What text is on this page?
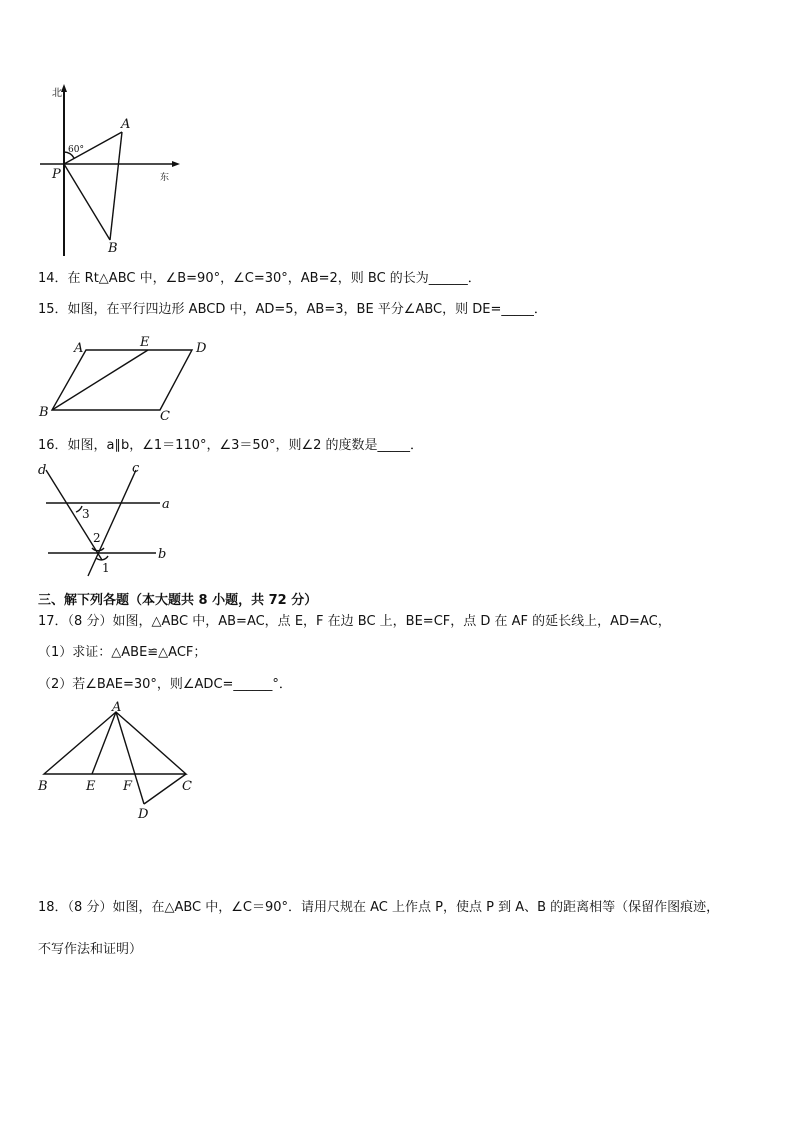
北
东
60°
P
A
B
14．在 Rt△ABC 中，∠B=90°，∠C=30°，AB=2，则 BC 的长为______．
15．如图，在平行四边形 ABCD 中，AD=5，AB=3，BE 平分∠ABC，则 DE=_____．
A	E	D
B	C
16．如图，a∥b，∠1＝110°，∠3＝50°，则∠2 的度数是_____．
d	c
a
b
3
2
1
三、解下列各题（本大题共 8 小题，共 72 分）
17．（8 分）如图，△ABC 中，AB=AC，点 E，F 在边 BC 上，BE=CF，点 D 在 AF 的延长线上，AD=AC，
（1）求证：△ABE≌△ACF；
（2）若∠BAE=30°，则∠ADC=______°．
A
B	E F	C
D
18．（8 分）如图，在△ABC 中，∠C＝90°．请用尺规在 AC 上作点 P，使点 P 到 A、B 的距离相等（保留作图痕迹，
不写作法和证明）
